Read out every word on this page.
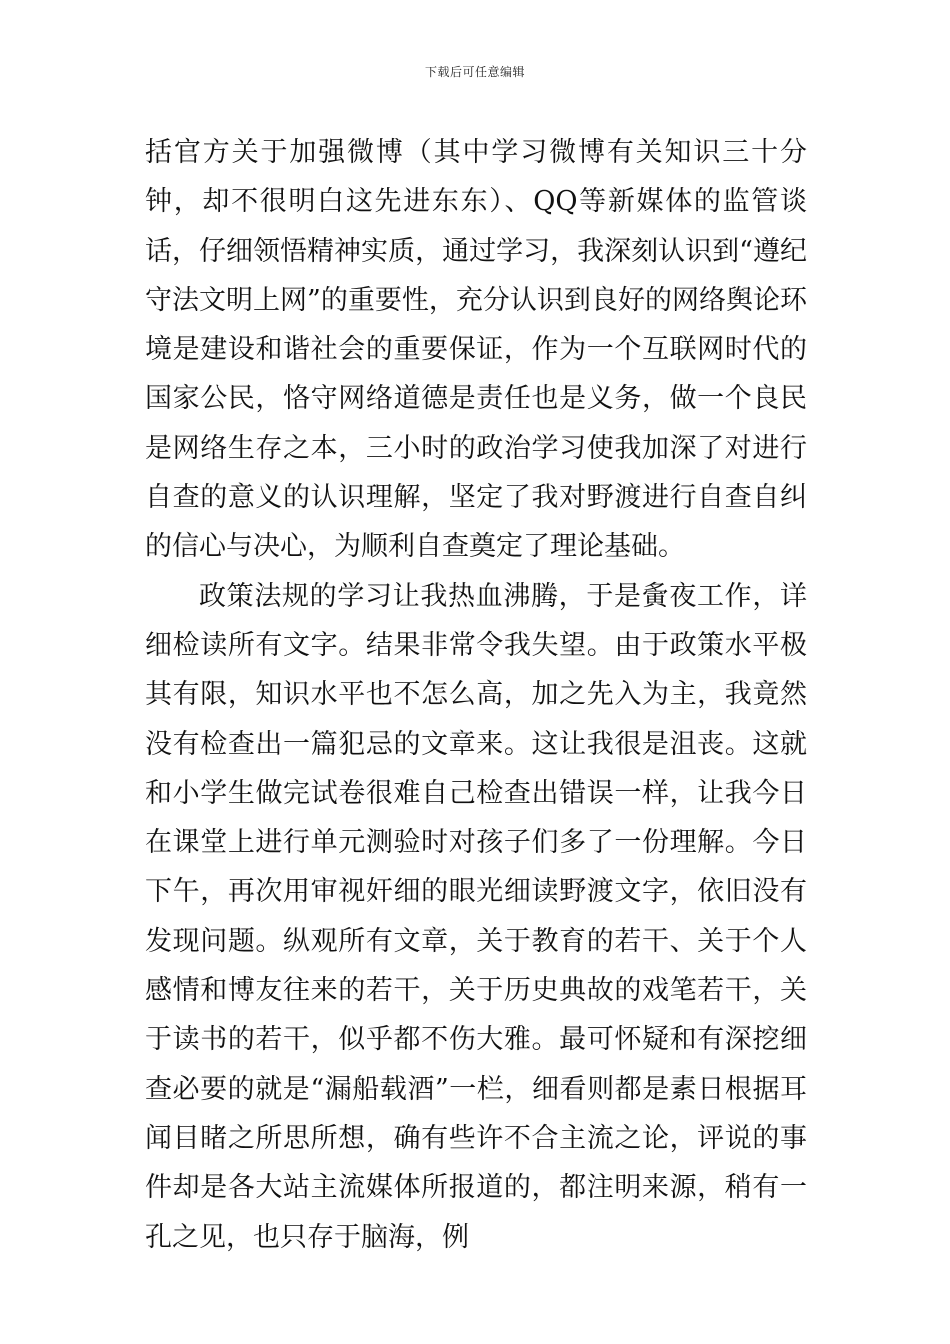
下载后可任意编辑

括官方关于加强微博（其中学习微博有关知识三十分钟，却不很明白这先进东东）、QQ等新媒体的监管谈话，仔细领悟精神实质，通过学习，我深刻认识到“遵纪守法文明上网”的重要性，充分认识到良好的网络舆论环境是建设和谐社会的重要保证，作为一个互联网时代的国家公民，恪守网络道德是责任也是义务，做一个良民是网络生存之本，三小时的政治学习使我加深了对进行自查的意义的认识理解，坚定了我对野渡进行自查自纠的信心与决心，为顺利自查奠定了理论基础。

政策法规的学习让我热血沸腾，于是夤夜工作，详细检读所有文字。结果非常令我失望。由于政策水平极其有限，知识水平也不怎么高，加之先入为主，我竟然没有检查出一篇犯忌的文章来。这让我很是沮丧。这就和小学生做完试卷很难自己检查出错误一样，让我今日在课堂上进行单元测验时对孩子们多了一份理解。今日下午，再次用审视奸细的眼光细读野渡文字，依旧没有发现问题。纵观所有文章，关于教育的若干、关于个人感情和博友往来的若干，关于历史典故的戏笔若干，关于读书的若干，似乎都不伤大雅。最可怀疑和有深挖细查必要的就是“漏船载酒”一栏，细看则都是素日根据耳闻目睹之所思所想，确有些许不合主流之论，评说的事件却是各大站主流媒体所报道的，都注明来源，稍有一孔之见，也只存于脑海，例
